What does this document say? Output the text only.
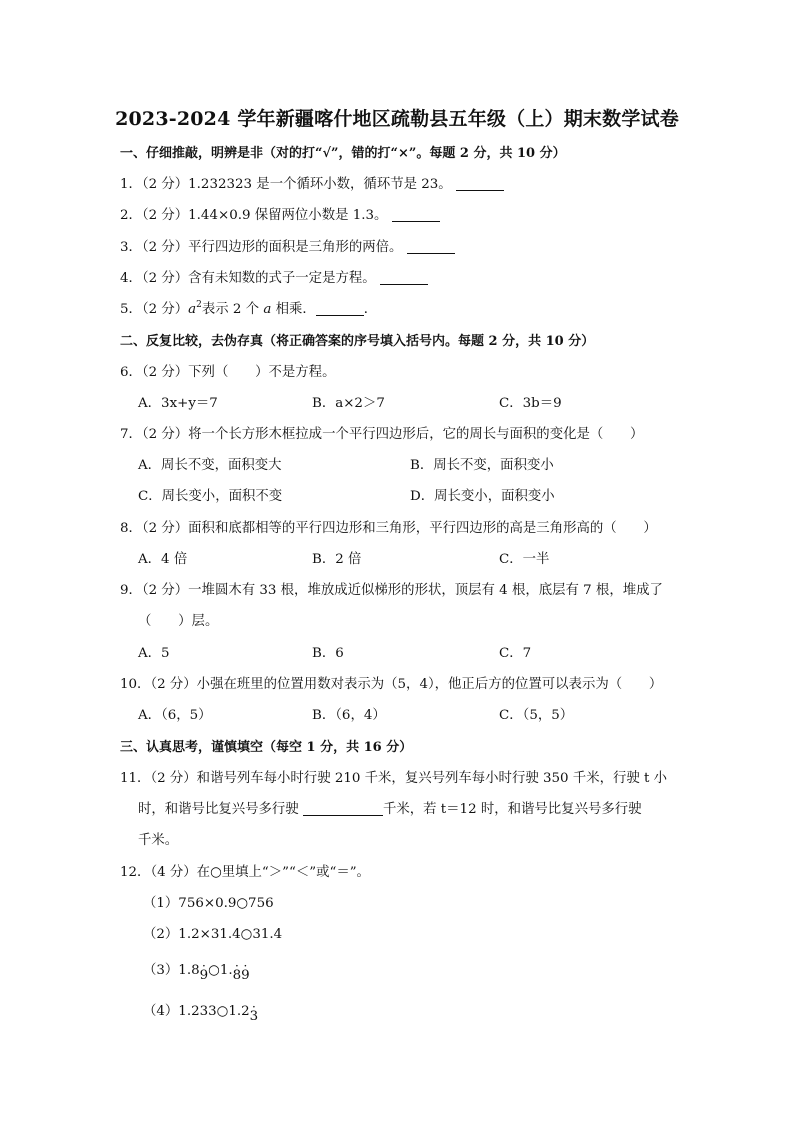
2023-2024 学年新疆喀什地区疏勒县五年级（上）期末数学试卷
一、仔细推敲，明辨是非（对的打“√”，错的打“×”。每题 2 分，共 10 分）
1．（2 分）1.232323 是一个循环小数，循环节是 23。
2．（2 分）1.44×0.9 保留两位小数是 1.3。
3．（2 分）平行四边形的面积是三角形的两倍。
4．（2 分）含有未知数的式子一定是方程。
5．（2 分）$a^2$表示 2 个 a 相乘．	．
二、反复比较，去伪存真（将正确答案的序号填入括号内。每题 2 分，共 10 分）
6．（2 分）下列（　　）不是方程。
A．3x+y＝7	B．a×2＞7	C．3b＝9
7．（2 分）将一个长方形木框拉成一个平行四边形后，它的周长与面积的变化是（　　）
A．周长不变，面积变大	B．周长不变，面积变小
C．周长变小，面积不变	D．周长变小，面积变小
8．（2 分）面积和底都相等的平行四边形和三角形，平行四边形的高是三角形高的（　　）
A．4 倍	B．2 倍	C．一半
9．（2 分）一堆圆木有 33 根，堆放成近似梯形的形状，顶层有 4 根，底层有 7 根，堆成了
（　　）层。
A．5	B．6	C．7
10．（2 分）小强在班里的位置用数对表示为（5，4），他正后方的位置可以表示为（　　）
A．（6，5）	B．（6，4）	C．（5，5）
三、认真思考，谨慎填空（每空 1 分，共 16 分）
11．（2 分）和谐号列车每小时行驶 210 千米，复兴号列车每小时行驶 350 千米，行驶 t 小
时，和谐号比复兴号多行驶	千米，若 t＝12 时，和谐号比复兴号多行驶
千米。
12．（4 分）在○里填上“＞”“＜”或“＝”。
（1）756×0.9○756
（2）1.2×31.4○31.4
（3）1.8· 9○1.· 8· 9
（4）1.233○1.2· 3
